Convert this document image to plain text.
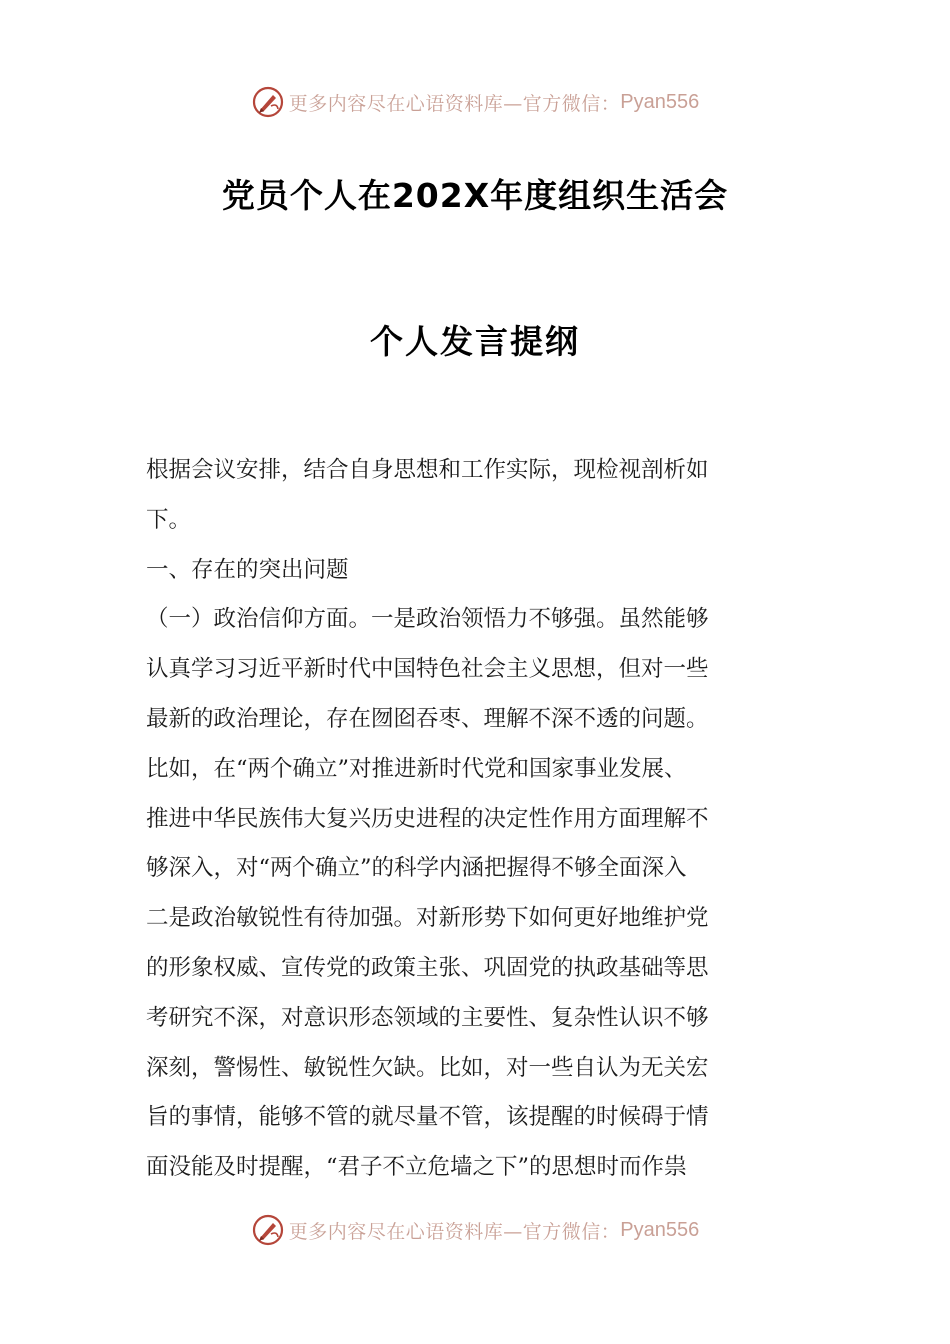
更多内容尽在心语资料库—官方微信： Pyan556
党员个人在202X年度组织生活会
个人发言提纲
根据会议安排，结合自身思想和工作实际，现检视剖析如
下。
一、存在的突出问题
（一）政治信仰方面。一是政治领悟力不够强。虽然能够
认真学习习近平新时代中国特色社会主义思想，但对一些
最新的政治理论，存在囫囵吞枣、理解不深不透的问题。
比如，在“两个确立”对推进新时代党和国家事业发展、
推进中华民族伟大复兴历史进程的决定性作用方面理解不
够深入，对“两个确立”的科学内涵把握得不够全面深入
二是政治敏锐性有待加强。对新形势下如何更好地维护党
的形象权威、宣传党的政策主张、巩固党的执政基础等思
考研究不深，对意识形态领域的主要性、复杂性认识不够
深刻，警惕性、敏锐性欠缺。比如，对一些自认为无关宏
旨的事情，能够不管的就尽量不管，该提醒的时候碍于情
面没能及时提醒，“君子不立危墙之下”的思想时而作祟
更多内容尽在心语资料库—官方微信： Pyan556
